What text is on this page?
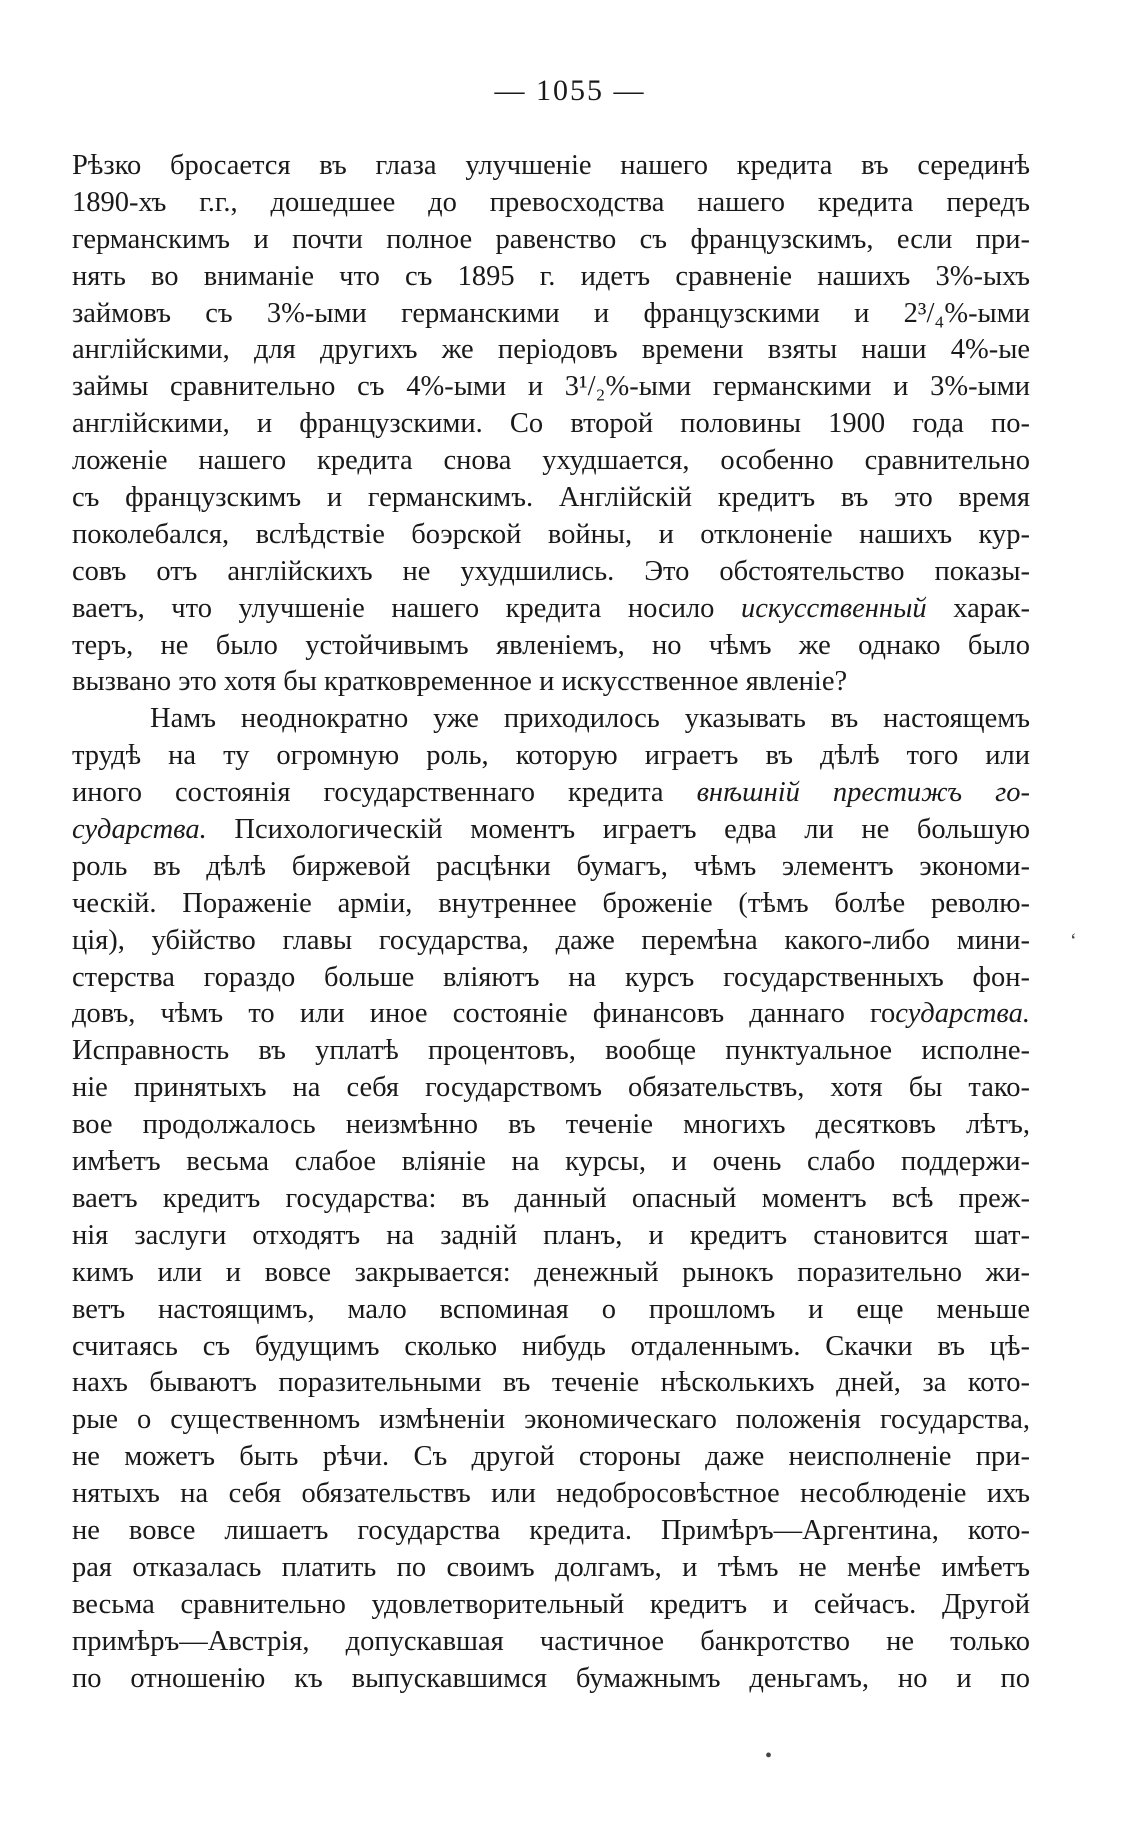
— 1055 —
Рѣзко бросается въ глаза улучшеніе нашего кредита въ серединѣ
1890-хъ г.г., дошедшее до превосходства нашего кредита передъ
германскимъ и почти полное равенство съ французскимъ, если при-
нять во вниманіе что съ 1895 г. идетъ сравненіе нашихъ 3%-ыхъ
займовъ съ 3%-ыми германскими и французскими и 2³/₄%-ыми
англійскими, для другихъ же періодовъ времени взяты наши 4%-ые
займы сравнительно съ 4%-ыми и 3¹/₂%-ыми германскими и 3%-ыми
англійскими, и французскими. Со второй половины 1900 года по-
ложеніе нашего кредита снова ухудшается, особенно сравнительно
съ французскимъ и германскимъ. Англійскій кредитъ въ это время
поколебался, вслѣдствіе боэрской войны, и отклоненіе нашихъ кур-
совъ отъ англійскихъ не ухудшились. Это обстоятельство показы-
ваетъ, что улучшеніе нашего кредита носило искусственный харак-
теръ, не было устойчивымъ явленіемъ, но чѣмъ же однако было
вызвано это хотя бы кратковременное и искусственное явленіе?
Намъ неоднократно уже приходилось указывать въ настоящемъ
трудѣ на ту огромную роль, которую играетъ въ дѣлѣ того или
иного состоянія государственнаго кредита внѣшній престижъ го-
сударства. Психологическій моментъ играетъ едва ли не большую
роль въ дѣлѣ биржевой расцѣнки бумагъ, чѣмъ элементъ экономи-
ческій. Пораженіе арміи, внутреннее броженіе (тѣмъ болѣе револю-
ція), убійство главы государства, даже перемѣна какого-либо мини-
стерства гораздо больше вліяютъ на курсъ государственныхъ фон-
довъ, чѣмъ то или иное состояніе финансовъ даннаго государства.
Исправность въ уплатѣ процентовъ, вообще пунктуальное исполне-
ніе принятыхъ на себя государствомъ обязательствъ, хотя бы тако-
вое продолжалось неизмѣнно въ теченіе многихъ десятковъ лѣтъ,
имѣетъ весьма слабое вліяніе на курсы, и очень слабо поддержи-
ваетъ кредитъ государства: въ данный опасный моментъ всѣ преж-
нія заслуги отходятъ на задній планъ, и кредитъ становится шат-
кимъ или и вовсе закрывается: денежный рынокъ поразительно жи-
ветъ настоящимъ, мало вспоминая о прошломъ и еще меньше
считаясь съ будущимъ сколько нибудь отдаленнымъ. Скачки въ цѣ-
нахъ бываютъ поразительными въ теченіе нѣсколькихъ дней, за кото-
рые о существенномъ измѣненіи экономическаго положенія государства,
не можетъ быть рѣчи. Съ другой стороны даже неисполненіе при-
нятыхъ на себя обязательствъ или недобросовѣстное несоблюденіе ихъ
не вовсе лишаетъ государства кредита. Примѣръ—Аргентина, кото-
рая отказалась платить по своимъ долгамъ, и тѣмъ не менѣе имѣетъ
весьма сравнительно удовлетворительный кредитъ и сейчасъ. Другой
примѣръ—Австрія, допускавшая частичное банкротство не только
по отношенію къ выпускавшимся бумажнымъ деньгамъ, но и по
‘
•
